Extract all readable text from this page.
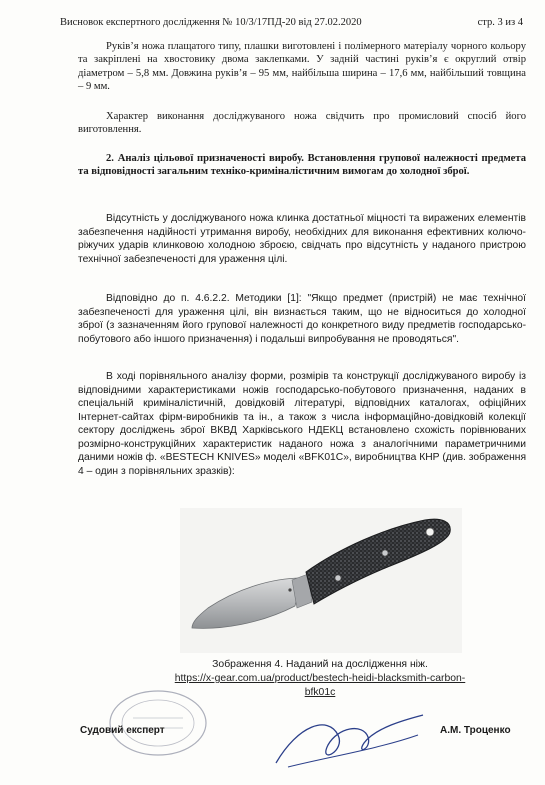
Висновок експертного дослідження № 10/3/17ПД-20 від 27.02.2020	стр. 3 из 4

Рукiв’я ножа плащатого типу, плашки виготовлені і полімерного матеріалу чорного кольору та закріплені на хвостовику двома заклепками. У задній частині рукiв’я є округлий отвір діаметром – 5,8 мм. Довжина рукiв’я – 95 мм, найбільша ширина – 17,6 мм, найбільший товщина – 9 мм.

Характер виконання досліджуваного ножа свідчить про промисловий спосіб його виготовлення.

2. Аналіз цільової призначеності виробу. Встановлення групової належності предмета та відповідності загальним техніко-криміналістичним вимогам до холодної зброї.

Відсутність у досліджуваного ножа клинка достатньої міцності та виражених елементів забезпечення надійності утримання виробу, необхідних для виконання ефективних колючо-ріжучих ударів клинковою холодною зброєю, свідчать про відсутність у наданого пристрою технічної забезпеченості для ураження цілі.

Відповідно до п. 4.6.2.2. Методики [1]: "Якщо предмет (пристрій) не має технічної забезпеченості для ураження цілі, він визнається таким, що не відноситься до холодної зброї (з зазначенням його групової належності до конкретного виду предметів господарсько-побутового або іншого призначення) і подальші випробування не проводяться".

В ході порівняльного аналізу форми, розмірів та конструкції досліджуваного виробу із відповідними характеристиками ножів господарсько-побутового призначення, наданих в спеціальній криміналістичній, довідковій літературі, відповідних каталогах, офіційних Інтернет-сайтах фірм-виробників та ін., а також з числа інформаційно-довідковій колекції сектору досліджень зброї ВКВД Харківського НДЕКЦ встановлено схожість порівнюваних розмірно-конструкційних характеристик наданого ножа з аналогічними параметричними даними ножів ф. «BESTECH KNIVES» моделі «BFK01C», виробництва КНР (див. зображення 4 – один з порівняльних зразків):

Зображення 4. Наданий на дослідження ніж.
https://x-gear.com.ua/product/bestech-heidi-blacksmith-carbon-
bfk01c
Судовий експерт	А.М. Троценко
